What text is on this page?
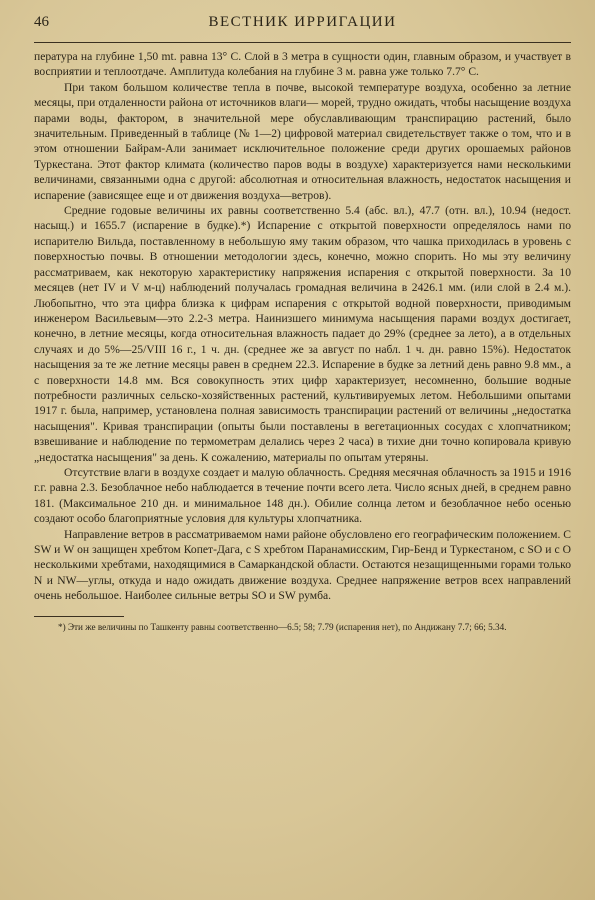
46	ВЕСТНИК ИРРИГАЦИИ

пература на глубине 1,50 mt. равна 13° С. Слой в 3 метра в сущности один, главным образом, и участвует в восприятии и теплоотдаче. Амплитуда колебания на глубине 3 м. равна уже только 7.7° С.

При таком большом количестве тепла в почве, высокой температуре воздуха, особенно за летние месяцы, при отдаленности района от источников влаги— морей, трудно ожидать, чтобы насыщение воздуха парами воды, фактором, в значительной мере обуславливающим транспирацию растений, было значительным. Приведенный в таблице (№ 1—2) цифровой материал свидетельствует также о том, что и в этом отношении Байрам-Али занимает исключительное положение среди других орошаемых районов Туркестана. Этот фактор климата (количество паров воды в воздухе) характеризуется нами несколькими величинами, связанными одна с другой: абсолютная и относительная влажность, недостаток насыщения и испарение (зависящее еще и от движения воздуха—ветров).

Средние годовые величины их равны соответственно 5.4 (абс. вл.), 47.7 (отн. вл.), 10.94 (недост. насыщ.) и 1655.7 (испарение в будке).*) Испарение с открытой поверхности определялось нами по испарителю Вильда, поставленному в небольшую яму таким образом, что чашка приходилась в уровень с поверхностью почвы. В отношении методологии здесь, конечно, можно спорить. Но мы эту величину рассматриваем, как некоторую характеристику напряжения испарения с открытой поверхности. За 10 месяцев (нет IV и V м-ц) наблюдений получалась громадная величина в 2426.1 мм. (или слой в 2.4 м.). Любопытно, что эта цифра близка к цифрам испарения с открытой водной поверхности, приводимым инженером Васильевым—это 2.2-3 метра. Наинизшего минимума насыщения парами воздух достигает, конечно, в летние месяцы, когда относительная влажность падает до 29% (среднее за лето), а в отдельных случаях и до 5%—25/VIII 16 г., 1 ч. дн. (среднее же за август по набл. 1 ч. дн. равно 15%). Недостаток насыщения за те же летние месяцы равен в среднем 22.3. Испарение в будке за летний день равно 9.8 мм., а с поверхности 14.8 мм. Вся совокупность этих цифр характеризует, несомненно, большие водные потребности различных сельско-хозяйственных растений, культивируемых летом. Небольшими опытами 1917 г. была, например, установлена полная зависимость транспирации растений от величины „недостатка насыщения". Кривая транспирации (опыты были поставлены в вегетационных сосудах с хлопчатником; взвешивание и наблюдение по термометрам делались через 2 часа) в тихие дни точно копировала кривую „недостатка насыщения" за день. К сожалению, материалы по опытам утеряны.

Отсутствие влаги в воздухе создает и малую облачность. Средняя месячная облачность за 1915 и 1916 г.г. равна 2.3. Безоблачное небо наблюдается в течение почти всего лета. Число ясных дней, в среднем равно 181. (Максимальное 210 дн. и минимальное 148 дн.). Обилие солнца летом и безоблачное небо осенью создают особо благоприятные условия для культуры хлопчатника.

Направление ветров в рассматриваемом нами районе обусловлено его географическим положением. С SW и W он защищен хребтом Копет-Дага, с S хребтом Паранамисским, Гир-Бенд и Туркестаном, с SO и с O несколькими хребтами, находящимися в Самаркандской области. Остаются незащищенными горами только N и NW—углы, откуда и надо ожидать движение воздуха. Среднее напряжение ветров всех направлений очень небольшое. Наиболее сильные ветры SO и SW румба.

*) Эти же величины по Ташкенту равны соответственно—6.5; 58; 7.79 (испарения нет), по Андижану 7.7; 66; 5.34.
